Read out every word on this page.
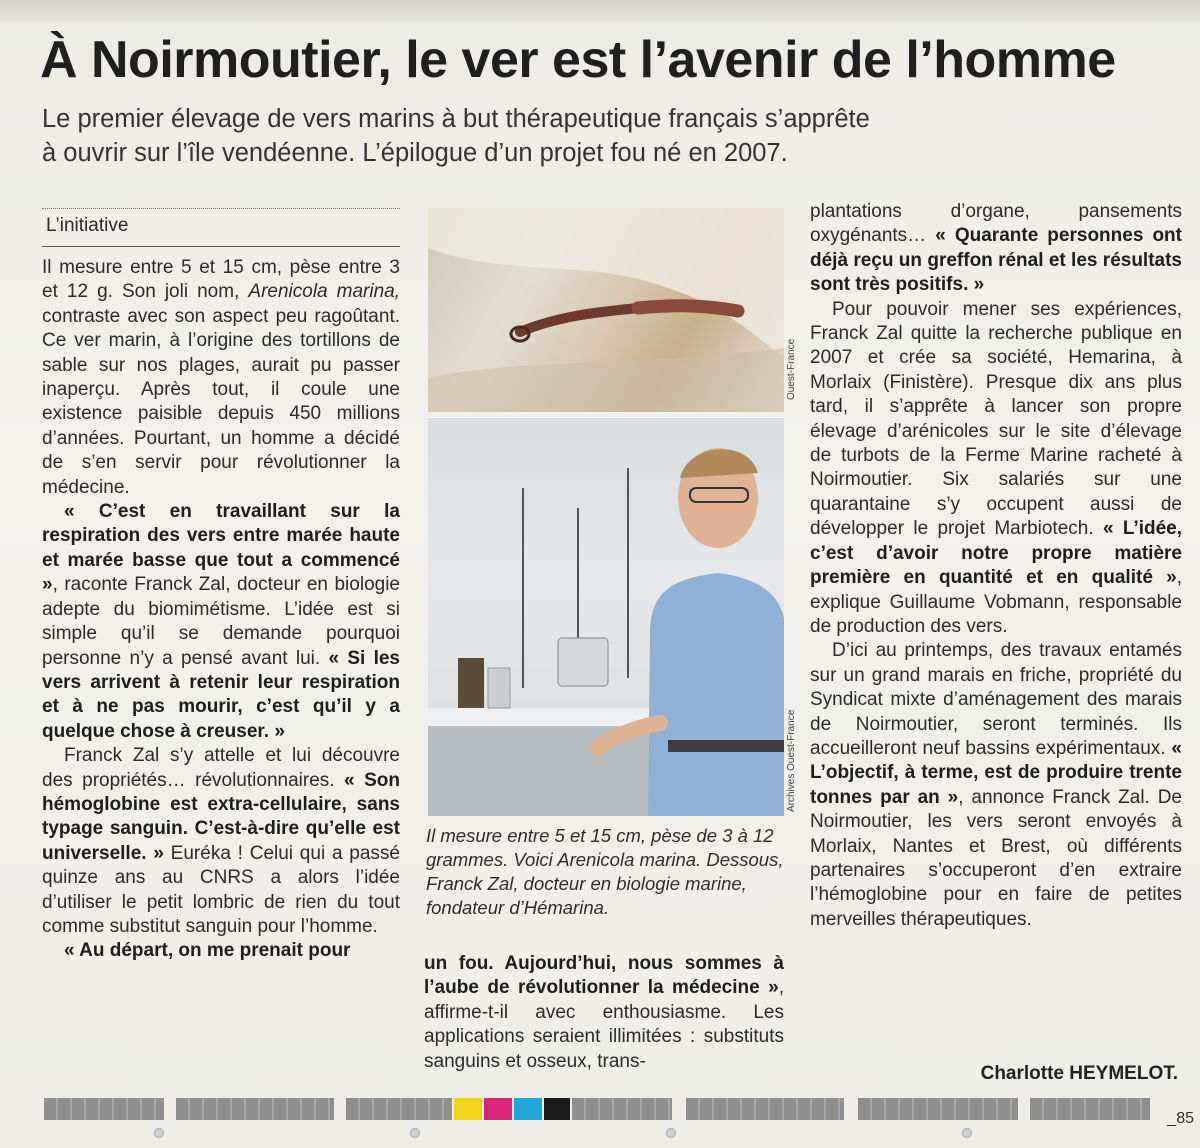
À Noirmoutier, le ver est l’avenir de l’homme
Le premier élevage de vers marins à but thérapeutique français s’apprête
à ouvrir sur l’île vendéenne. L’épilogue d’un projet fou né en 2007.
L’initiative

Il mesure entre 5 et 15 cm, pèse entre 3 et 12 g. Son joli nom, Arenicola marina, contraste avec son aspect peu ragoûtant. Ce ver marin, à l’origine des tortillons de sable sur nos plages, aurait pu passer inaperçu. Après tout, il coule une existence paisible depuis 450 millions d’années. Pourtant, un homme a décidé de s’en servir pour révolutionner la médecine.

« C’est en travaillant sur la respiration des vers entre marée haute et marée basse que tout a commencé », raconte Franck Zal, docteur en biologie adepte du biomimétisme. L’idée est si simple qu’il se demande pourquoi personne n’y a pensé avant lui. « Si les vers arrivent à retenir leur respiration et à ne pas mourir, c’est qu’il y a quelque chose à creuser. »

Franck Zal s’y attelle et lui découvre des propriétés… révolutionnaires. « Son hémoglobine est extra-cellulaire, sans typage sanguin. C’est-à-dire qu’elle est universelle. » Euréka ! Celui qui a passé quinze ans au CNRS a alors l’idée d’utiliser le petit lombric de rien du tout comme substitut sanguin pour l’homme.

« Au départ, on me prenait pour

Ouest-France
Archives Ouest-France
Il mesure entre 5 et 15 cm, pèse de 3 à 12 grammes. Voici Arenicola marina. Dessous, Franck Zal, docteur en biologie marine, fondateur d’Hémarina.

un fou. Aujourd’hui, nous sommes à l’aube de révolutionner la médecine », affirme-t-il avec enthousiasme. Les applications seraient illimitées : substituts sanguins et osseux, trans-

plantations d’organe, pansements oxygénants… « Quarante personnes ont déjà reçu un greffon rénal et les résultats sont très positifs. »

Pour pouvoir mener ses expériences, Franck Zal quitte la recherche publique en 2007 et crée sa société, Hemarina, à Morlaix (Finistère). Presque dix ans plus tard, il s’apprête à lancer son propre élevage d’arénicoles sur le site d’élevage de turbots de la Ferme Marine racheté à Noirmoutier. Six salariés sur une quarantaine s’y occupent aussi de développer le projet Marbiotech. « L’idée, c’est d’avoir notre propre matière première en quantité et en qualité », explique Guillaume Vobmann, responsable de production des vers.

D’ici au printemps, des travaux entamés sur un grand marais en friche, propriété du Syndicat mixte d’aménagement des marais de Noirmoutier, seront terminés. Ils accueilleront neuf bassins expérimentaux. « L’objectif, à terme, est de produire trente tonnes par an », annonce Franck Zal. De Noirmoutier, les vers seront envoyés à Morlaix, Nantes et Brest, où différents partenaires s’occuperont d’en extraire l’hémoglobine pour en faire de petites merveilles thérapeutiques.

Charlotte HEYMELOT.
_85
